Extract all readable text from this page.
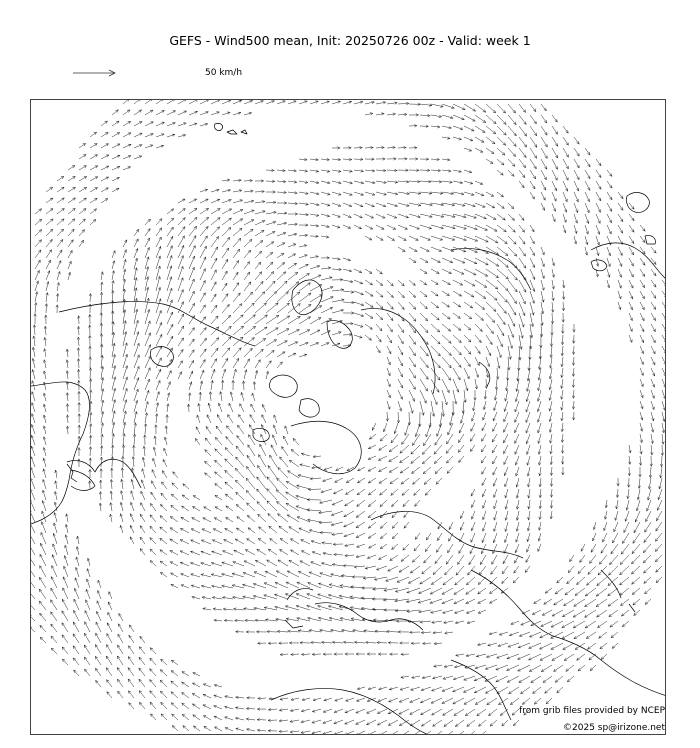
GEFS - Wind500 mean, Init: 20250726 00z - Valid: week 1
50 km/h
from grib files provided by NCEP
©2025 sp@irizone.net
